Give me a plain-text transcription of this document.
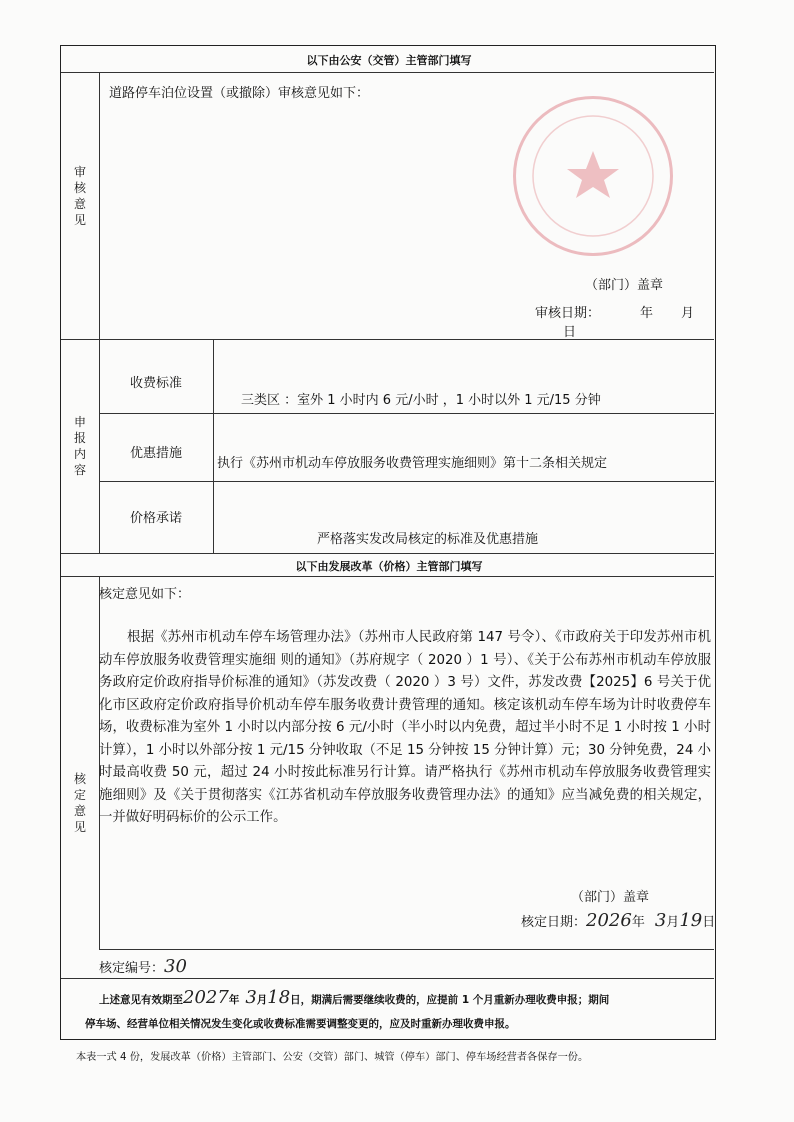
以下由公安（交管）主管部门填写
审
核
意
见
道路停车泊位设置（或撤除）审核意见如下：
（部门）盖章
审核日期：	年 月日
申
报
内
容
收费标准
三类区 ：室外 1 小时内 6 元/小时 ，1 小时以外 1 元/15 分钟
优惠措施
执行《苏州市机动车停放服务收费管理实施细则》第十二条相关规定
价格承诺
严格落实发改局核定的标准及优惠措施
以下由发展改革（价格）主管部门填写
核
定
意
见
核定意见如下：
根据《苏州市机动车停车场管理办法》（苏州市人民政府第 147 号令）、《市政府关于印发苏州市机动车停放服务收费管理实施细 则的通知》（苏府规字（ 2020 ）1 号）、《关于公布苏州市机动车停放服务政府定价政府指导价标准的通知》（苏发改费（ 2020 ）3 号）文件，苏发改费【2025】6 号关于优化市区政府定价政府指导价机动车停车服务收费计费管理的通知。核定该机动车停车场为计时收费停车场，收费标准为室外 1 小时以内部分按 6 元/小时（半小时以内免费，超过半小时不足 1 小时按 1 小时计算），1 小时以外部分按 1 元/15 分钟收取（不足 15 分钟按 15 分钟计算）元；30 分钟免费，24 小时最高收费 50 元，超过 24 小时按此标准另行计算。请严格执行《苏州市机动车停放服务收费管理实施细则》及《关于贯彻落实《江苏省机动车停放服务收费管理办法》的通知》应当减免费的相关规定，一并做好明码标价的公示工作。
（部门）盖章
核定日期：2026年 3月19日
核定编号：30
上述意见有效期至2027年 3月18日，期满后需要继续收费的，应提前 1 个月重新办理收费申报；期间
停车场、经营单位相关情况发生变化或收费标准需要调整变更的，应及时重新办理收费申报。
本表一式 4 份，发展改革（价格）主管部门、公安（交管）部门、城管（停车）部门、停车场经营者各保存一份。
